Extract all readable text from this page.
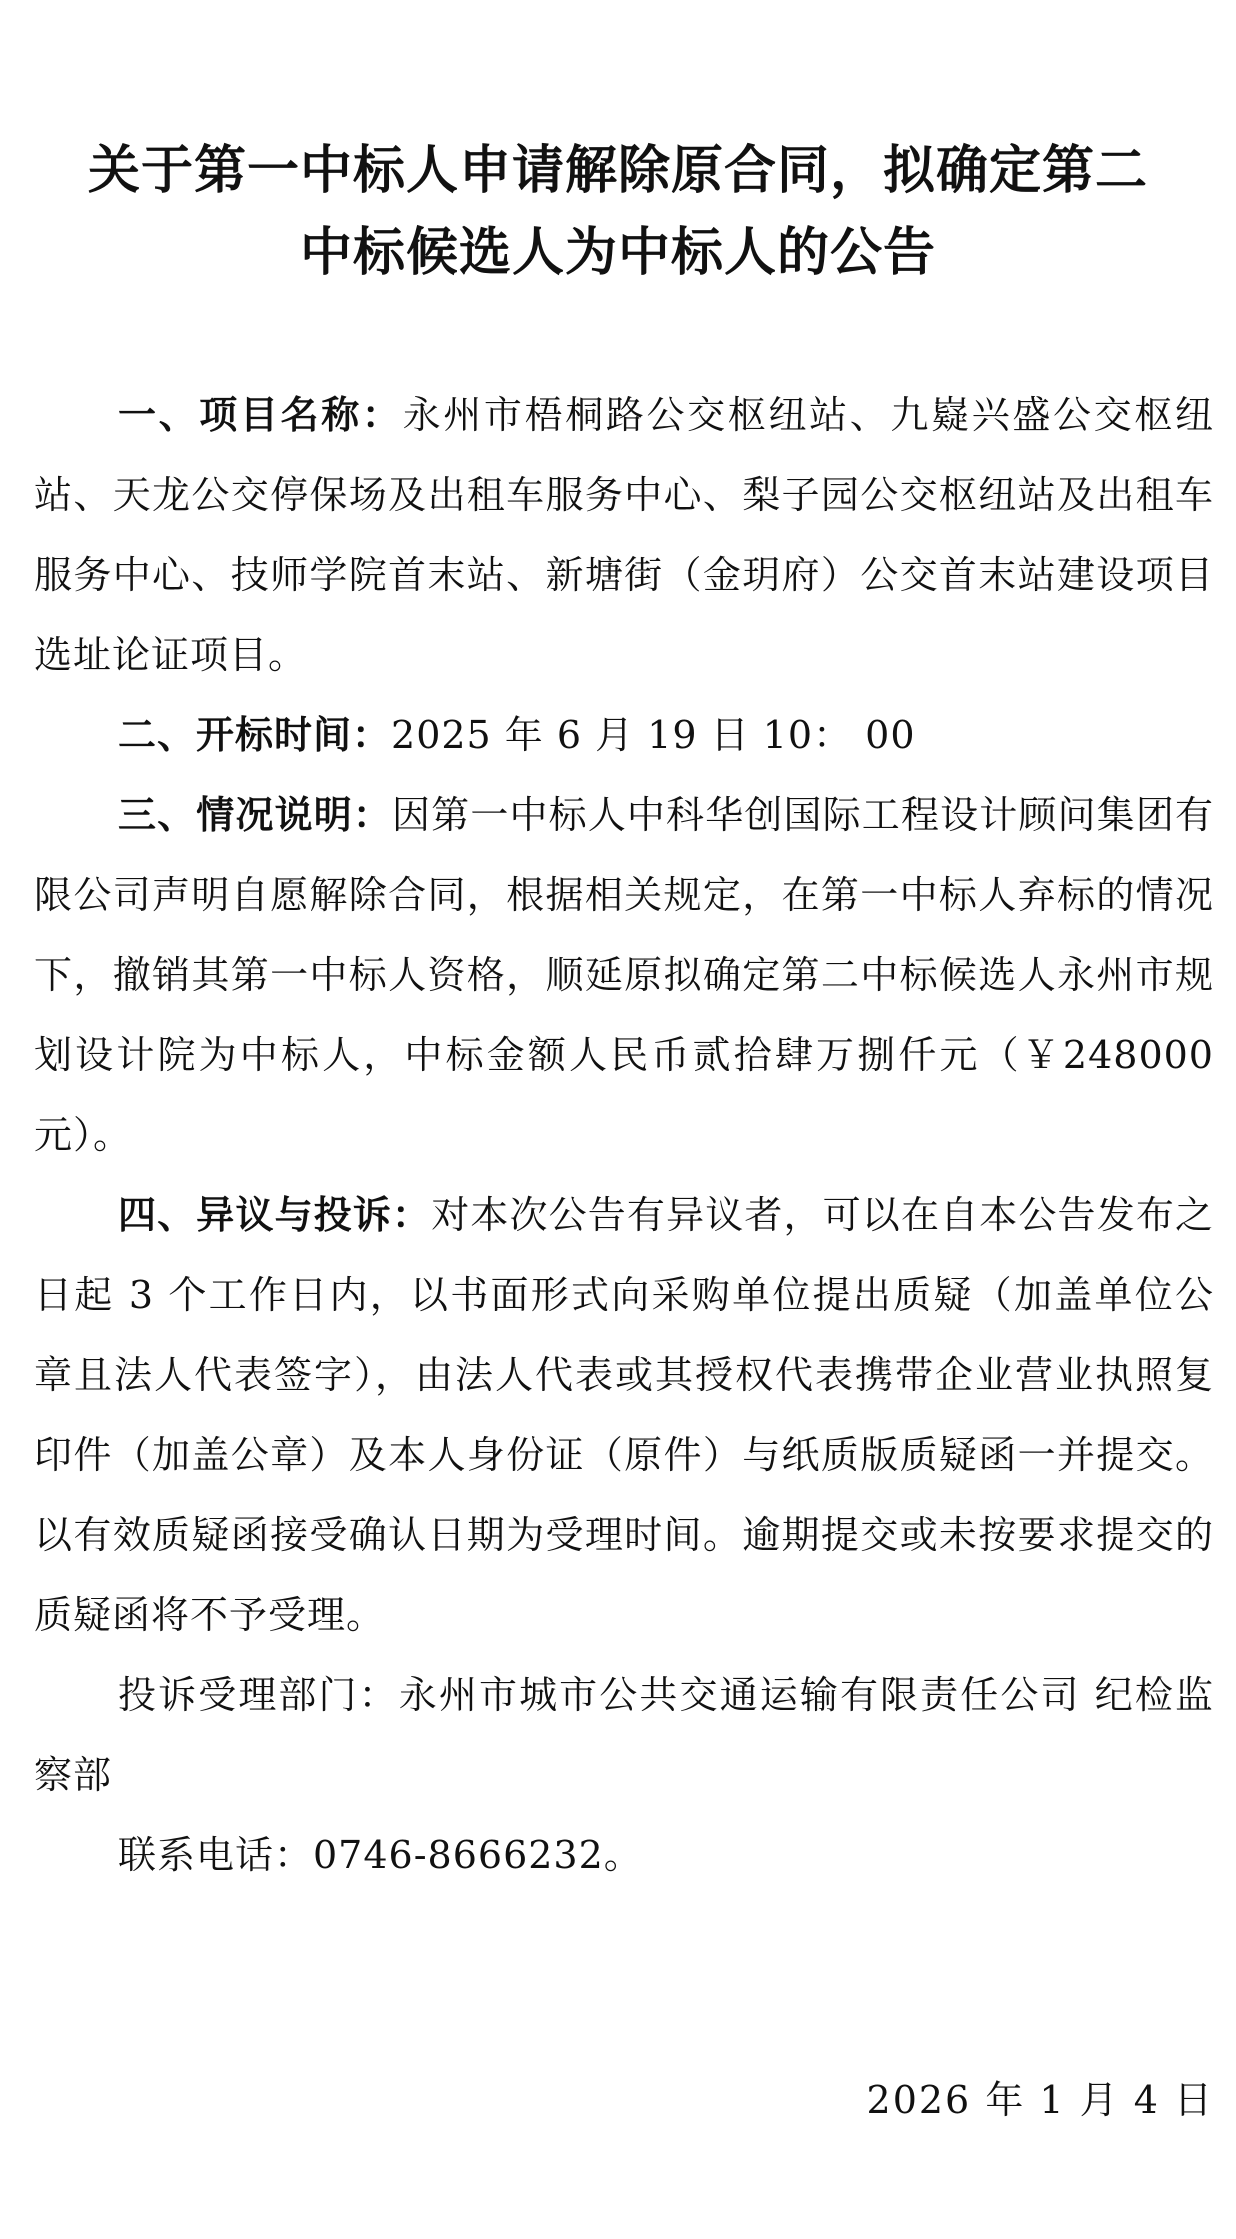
关于第一中标人申请解除原合同，拟确定第二
中标候选人为中标人的公告

一、项目名称：永州市梧桐路公交枢纽站、九嶷兴盛公交枢纽站、天龙公交停保场及出租车服务中心、梨子园公交枢纽站及出租车服务中心、技师学院首末站、新塘街（金玥府）公交首末站建设项目选址论证项目。

二、开标时间：2025 年 6 月 19 日 10： 00

三、情况说明：因第一中标人中科华创国际工程设计顾问集团有限公司声明自愿解除合同，根据相关规定，在第一中标人弃标的情况下，撤销其第一中标人资格，顺延原拟确定第二中标候选人永州市规划设计院为中标人，中标金额人民币贰拾肆万捌仟元（￥248000 元）。

四、异议与投诉：对本次公告有异议者，可以在自本公告发布之日起 3 个工作日内，以书面形式向采购单位提出质疑（加盖单位公章且法人代表签字），由法人代表或其授权代表携带企业营业执照复印件（加盖公章）及本人身份证（原件）与纸质版质疑函一并提交。以有效质疑函接受确认日期为受理时间。逾期提交或未按要求提交的质疑函将不予受理。

投诉受理部门：永州市城市公共交通运输有限责任公司 纪检监察部

联系电话：0746-8666232。

2026 年 1 月 4 日
